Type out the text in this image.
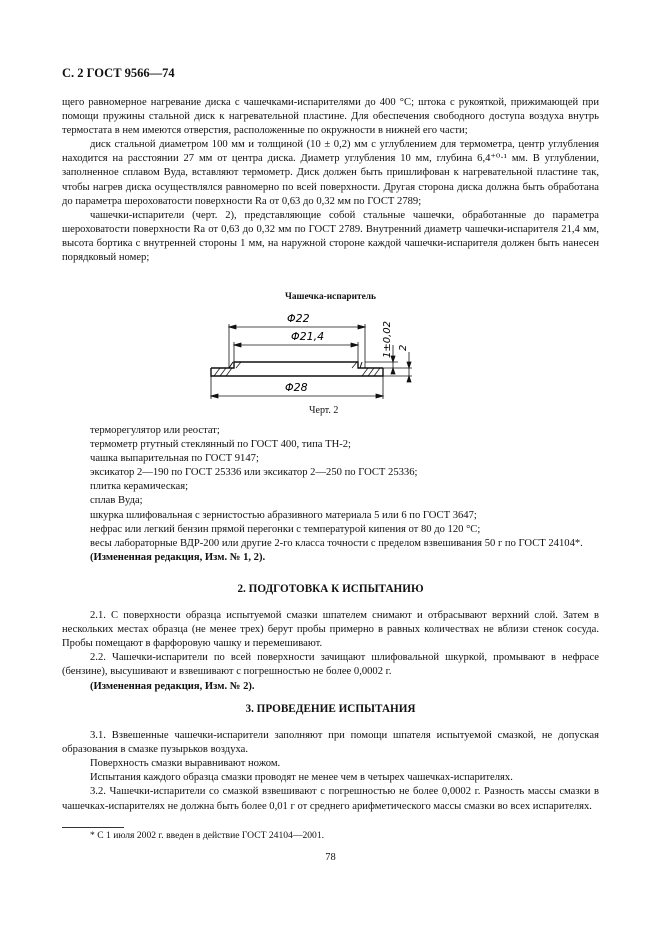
С. 2 ГОСТ 9566—74

щего равномерное нагревание диска с чашечками-испарителями до 400 °С; штока с рукояткой, прижимающей при помощи пружины стальной диск к нагревательной пластине. Для обеспечения свободного доступа воздуха внутрь термостата в нем имеются отверстия, расположенные по окружности в нижней его части;

диск стальной диаметром 100 мм и толщиной (10 ± 0,2) мм с углублением для термометра, центр углубления находится на расстоянии 27 мм от центра диска. Диаметр углубления 10 мм, глубина 6,4⁺⁰·¹ мм. В углублении, заполненное сплавом Вуда, вставляют термометр. Диск должен быть пришлифован к нагревательной пластине так, чтобы нагрев диска осуществлялся равномерно по всей поверхности. Другая сторона диска должна быть обработана до параметра шероховатости поверхности Ra от 0,63 до 0,32 мм по ГОСТ 2789;

чашечки-испарители (черт. 2), представляющие собой стальные чашечки, обработанные до параметра шероховатости поверхности Ra от 0,63 до 0,32 мм по ГОСТ 2789. Внутренний диаметр чашечки-испарителя 21,4 мм, высота бортика с внутренней стороны 1 мм, на наружной стороне каждой чашечки-испарителя должен быть нанесен порядковый номер;

Чашечка-испаритель
Φ22
Φ21,4
Φ28
1±0,02 2
Черт. 2

терморегулятор или реостат;

термометр ртутный стеклянный по ГОСТ 400, типа ТН-2;

чашка выпарительная по ГОСТ 9147;

эксикатор 2—190 по ГОСТ 25336 или эксикатор 2—250 по ГОСТ 25336;

плитка керамическая;

сплав Вуда;

шкурка шлифовальная с зернистостью абразивного материала 5 или 6 по ГОСТ 3647;

нефрас или легкий бензин прямой перегонки с температурой кипения от 80 до 120 °С;

весы лабораторные ВДР-200 или другие 2-го класса точности с пределом взвешивания 50 г по ГОСТ 24104*.

(Измененная редакция, Изм. № 1, 2).

2. ПОДГОТОВКА К ИСПЫТАНИЮ

2.1. С поверхности образца испытуемой смазки шпателем снимают и отбрасывают верхний слой. Затем в нескольких местах образца (не менее трех) берут пробы примерно в равных количествах не вблизи стенок сосуда. Пробы помещают в фарфоровую чашку и перемешивают.

2.2. Чашечки-испарители по всей поверхности зачищают шлифовальной шкуркой, промывают в нефрасе (бензине), высушивают и взвешивают с погрешностью не более 0,0002 г.

(Измененная редакция, Изм. № 2).

3. ПРОВЕДЕНИЕ ИСПЫТАНИЯ

3.1. Взвешенные чашечки-испарители заполняют при помощи шпателя испытуемой смазкой, не допуская образования в смазке пузырьков воздуха.

Поверхность смазки выравнивают ножом.

Испытания каждого образца смазки проводят не менее чем в четырех чашечках-испарителях.

3.2. Чашечки-испарители со смазкой взвешивают с погрешностью не более 0,0002 г. Разность массы смазки в чашечках-испарителях не должна быть более 0,01 г от среднего арифметического массы смазки во всех испарителях.

* С 1 июля 2002 г. введен в действие ГОСТ 24104—2001.
78
